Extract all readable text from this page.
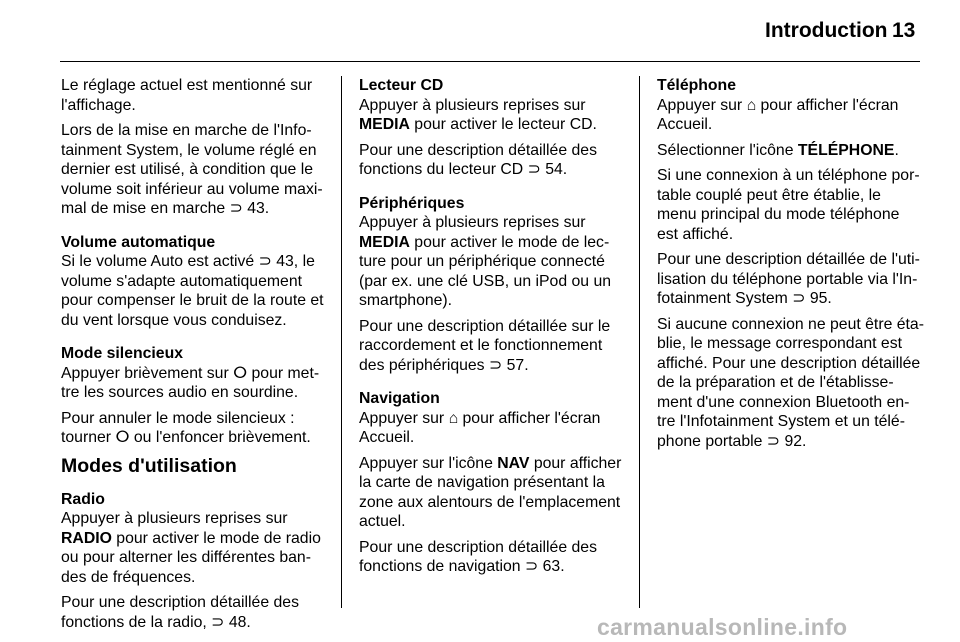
Introduction 13
Le réglage actuel est mentionné sur
l'affichage.
Lors de la mise en marche de l'Info-
tainment System, le volume réglé en
dernier est utilisé, à condition que le
volume soit inférieur au volume maxi-
mal de mise en marche ⊃ 43.
Volume automatique
Si le volume Auto est activé ⊃ 43, le
volume s'adapte automatiquement
pour compenser le bruit de la route et
du vent lorsque vous conduisez.
Mode silencieux
Appuyer brièvement sur ⵔ pour met-
tre les sources audio en sourdine.
Pour annuler le mode silencieux :
tourner ⵔ ou l'enfoncer brièvement.
Modes d'utilisation
Radio
Appuyer à plusieurs reprises sur
RADIO pour activer le mode de radio
ou pour alterner les différentes ban-
des de fréquences.
Pour une description détaillée des
fonctions de la radio, ⊃ 48.
Lecteur CD
Appuyer à plusieurs reprises sur
MEDIA pour activer le lecteur CD.
Pour une description détaillée des
fonctions du lecteur CD ⊃ 54.
Périphériques
Appuyer à plusieurs reprises sur
MEDIA pour activer le mode de lec-
ture pour un périphérique connecté
(par ex. une clé USB, un iPod ou un
smartphone).
Pour une description détaillée sur le
raccordement et le fonctionnement
des périphériques ⊃ 57.
Navigation
Appuyer sur ⌂ pour afficher l'écran
Accueil.
Appuyer sur l'icône NAV pour afficher
la carte de navigation présentant la
zone aux alentours de l'emplacement
actuel.
Pour une description détaillée des
fonctions de navigation ⊃ 63.
Téléphone
Appuyer sur ⌂ pour afficher l'écran
Accueil.
Sélectionner l'icône TÉLÉPHONE.
Si une connexion à un téléphone por-
table couplé peut être établie, le
menu principal du mode téléphone
est affiché.
Pour une description détaillée de l'uti-
lisation du téléphone portable via l'In-
fotainment System ⊃ 95.
Si aucune connexion ne peut être éta-
blie, le message correspondant est
affiché. Pour une description détaillée
de la préparation et de l'établisse-
ment d'une connexion Bluetooth en-
tre l'Infotainment System et un télé-
phone portable ⊃ 92.
carmanualsonline.info
